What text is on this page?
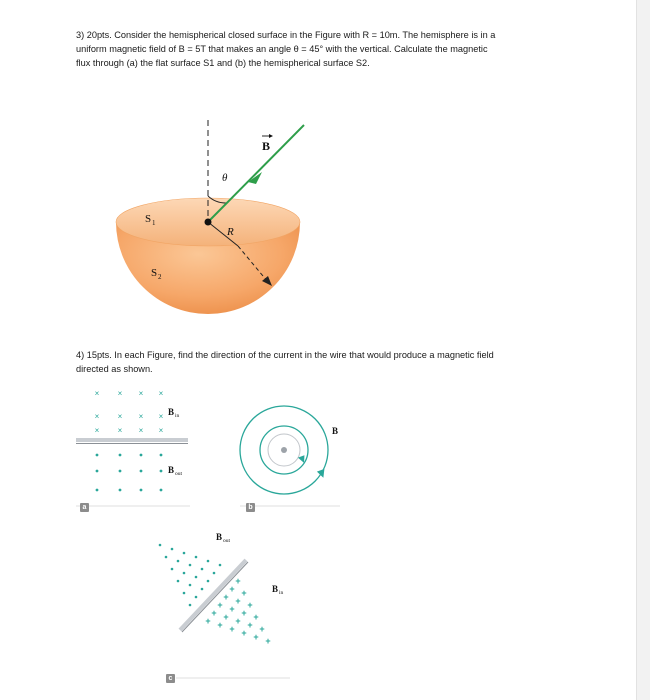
3) 20pts. Consider the hemispherical closed surface in the Figure with R = 10m. The hemisphere is in a
uniform magnetic field of B = 5T that makes an angle θ = 45° with the vertical. Calculate the magnetic
flux through (a) the flat surface S1 and (b) the hemispherical surface S2.
B
θ
R
S 1
S 2
4) 15pts. In each Figure, find the direction of the current in the wire that would produce a magnetic field
directed as shown.
× × × ×
× × × ×
× × × ×
B in
B out
B
+
+
+
+
+
+
+
+
+
+
+
+
+
+
+
+
+
+
+
+
+
B out
B in
a	b
c
